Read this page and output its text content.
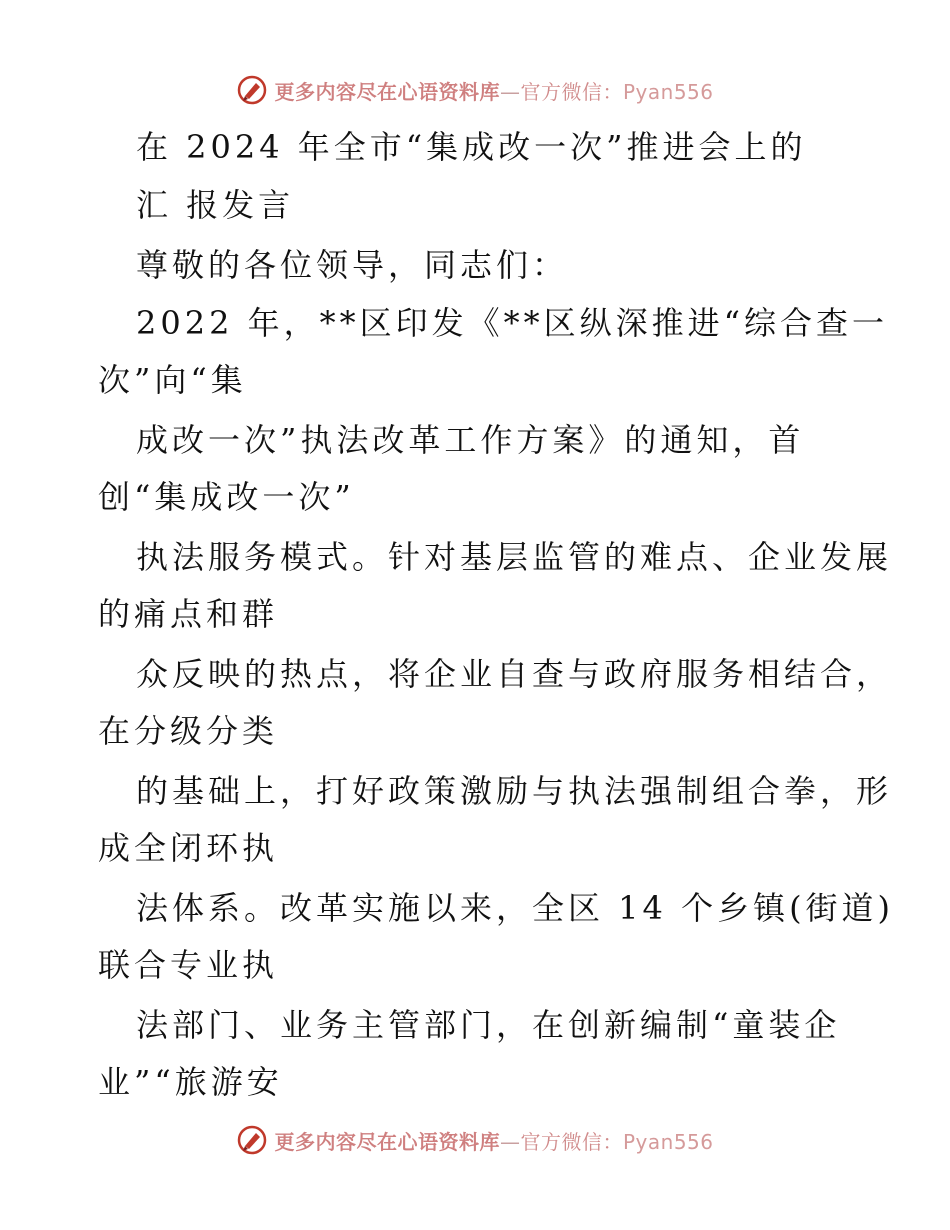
更多内容尽在心语资料库—官方微信：Pyan556
在 2024 年全市“集成改一次”推进会上的
汇 报发言
尊敬的各位领导，同志们：
2022 年，**区印发《**区纵深推进“综合查一
次”向“集
成改一次”执法改革工作方案》的通知，首
创“集成改一次”
执法服务模式。针对基层监管的难点、企业发展
的痛点和群
众反映的热点，将企业自查与政府服务相结合，
在分级分类
的基础上，打好政策激励与执法强制组合拳，形
成全闭环执
法体系。改革实施以来，全区 14 个乡镇(街道)
联合专业执
法部门、业务主管部门，在创新编制“童装企
业”“旅游安
更多内容尽在心语资料库—官方微信：Pyan556
